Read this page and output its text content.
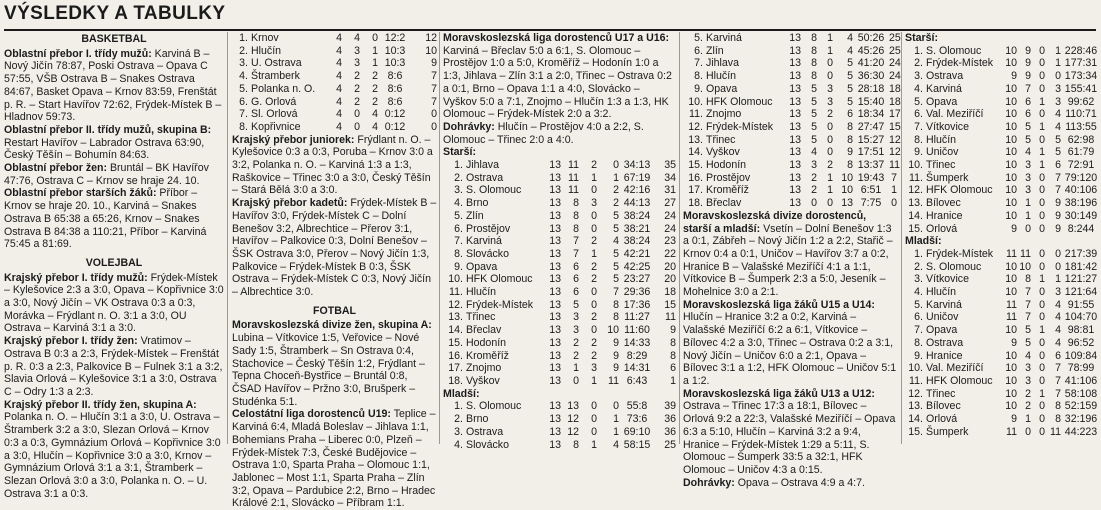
VÝSLEDKY A TABULKY
BASKETBAL

Oblastní přebor I. třídy mužů: Karviná B – Nový Jičín 78:87, Poski Ostrava – Opava C 57:55, VŠB Ostrava B – Snakes Ostrava 84:67, Basket Opava – Krnov 83:59, Frenštát p. R. – Start Havířov 72:62, Frýdek-Místek B – Hladnov 59:73.

Oblastní přebor II. třídy mužů, skupina B: Restart Havířov – Labrador Ostrava 63:90, Český Těšín – Bohumín 84:63.

Oblastní přebor žen: Bruntál – BK Havířov 47:76, Ostrava C – Krnov se hraje 24. 10.

Oblastní přebor starších žáků: Příbor – Krnov se hraje 20. 10., Karviná – Snakes Ostrava B 65:38 a 65:26, Krnov – Snakes Ostrava B 84:38 a 110:21, Příbor – Karviná 75:45 a 81:69.

VOLEJBAL

Krajský přebor I. třídy mužů: Frýdek-Místek – Kylešovice 2:3 a 3:0, Opava – Kopřivnice 3:0 a 3:0, Nový Jičín – VK Ostrava 0:3 a 0:3, Morávka – Frýdlant n. O. 3:1 a 3:0, OU Ostrava – Karviná 3:1 a 3:0.

Krajský přebor I. třídy žen: Vratimov – Ostrava B 0:3 a 2:3, Frýdek-Místek – Frenštát p. R. 0:3 a 2:3, Palkovice B – Fulnek 3:1 a 3:2, Slavia Orlová – Kylešovice 3:1 a 3:0, Ostrava C – Odry 1:3 a 2:3.

Krajský přebor II. třídy žen, skupina A: Polanka n. O. – Hlučín 3:1 a 3:0, U. Ostrava – Štramberk 3:2 a 3:0, Slezan Orlová – Krnov 0:3 a 0:3, Gymnázium Orlová – Kopřivnice 3:0 a 3:0, Hlučín – Kopřivnice 3:0 a 3:0, Krnov – Gymnázium Orlová 3:1 a 3:1, Štramberk – Slezan Orlová 3:0 a 3:0, Polanka n. O. – U. Ostrava 3:1 a 0:3.

1.	Krnov	4	4	0	12:2	12
2.	Hlučín	4	3	1	10:3	10
3.	U. Ostrava	4	3	1	10:3	9
4.	Štramberk	4	2	2	8:6	7
5.	Polanka n. O.	4	2	2	8:6	7
6.	G. Orlová	4	2	2	8:6	7
7.	Sl. Orlová	4	0	4	0:12	0
8.	Kopřivnice	4	0	4	0:12	0

Krajský přebor juniorek: Frýdlant n. O. – Kylešovice 0:3 a 0:3, Poruba – Krnov 3:0 a 3:2, Polanka n. O. – Karviná 1:3 a 1:3, Raškovice – Třinec 3:0 a 3:0, Český Těšín – Stará Bělá 3:0 a 3:0.

Krajský přebor kadetů: Frýdek-Místek B – Havířov 3:0, Frýdek-Místek C – Dolní Benešov 3:2, Albrechtice – Přerov 3:1, Havířov – Palkovice 0:3, Dolní Benešov – ŠSK Ostrava 3:0, Přerov – Nový Jičín 1:3, Palkovice – Frýdek-Místek B 0:3, ŠSK Ostrava – Frýdek-Místek C 0:3, Nový Jičín – Albrechtice 3:0.

FOTBAL

Moravskoslezská divize žen, skupina A: Lubina – Vítkovice 1:5, Veřovice – Nové Sady 1:5, Štramberk – Sn Ostrava 0:4, Stachovice – Český Těšín 1:2, Frýdlant – Tepna Choceň-Bystřice – Bruntál 0:8, ČSAD Havířov – Pržno 3:0, Brušperk – Studénka 5:1.

Celostátní liga dorostenců U19: Teplice – Karviná 6:4, Mladá Boleslav – Jihlava 1:1, Bohemians Praha – Liberec 0:0, Plzeň – Frýdek-Místek 7:3, České Budějovice – Ostrava 1:0, Sparta Praha – Olomouc 1:1, Jablonec – Most 1:1, Sparta Praha – Zlín 3:2, Opava – Pardubice 2:2, Brno – Hradec Králové 2:1, Slovácko – Příbram 1:1.

Moravskoslezská liga dorostenců U17 a U16: Karviná – Břeclav 5:0 a 6:1, S. Olomouc – Prostějov 1:0 a 5:0, Kroměříž – Hodonín 1:0 a 1:3, Jihlava – Zlín 3:1 a 2:0, Třinec – Ostrava 0:2 a 0:1, Brno – Opava 1:1 a 4:0, Slovácko – Vyškov 5:0 a 7:1, Znojmo – Hlučín 1:3 a 1:3, HK Olomouc – Frýdek-Místek 2:0 a 3:2.

Dohrávky: Hlučín – Prostějov 4:0 a 2:2, S. Olomouc – Třinec 2:0 a 4:0.

Starší:
1.	Jihlava	13	11	2	0	34:13	35
2.	Ostrava	13	11	1	1	67:19	34
3.	S. Olomouc	13	11	0	2	42:16	31
4.	Brno	13	8	3	2	44:13	27
5.	Zlín	13	8	0	5	38:24	24
6.	Prostějov	13	8	0	5	38:21	24
7.	Karviná	13	7	2	4	38:24	23
8.	Slovácko	13	7	1	5	42:21	22
9.	Opava	13	6	2	5	42:25	20
10.	HFK Olomouc	13	6	2	5	23:27	20
11.	Hlučín	13	6	0	7	29:36	18
12.	Frýdek-Místek	13	5	0	8	17:36	15
13.	Třinec	13	3	2	8	11:27	11
14.	Břeclav	13	3	0	10	11:60	9
15.	Hodonín	13	2	2	9	14:33	8
16.	Kroměříž	13	2	2	9	8:29	8
17.	Znojmo	13	1	3	9	14:31	6
18.	Vyškov	13	0	1	11	6:43	1
Mladší:
1.	S. Olomouc	13	13	0	0	55:8	39
2.	Brno	13	12	0	1	73:6	36
3.	Ostrava	13	12	0	1	69:10	36
4.	Slovácko	13	8	1	4	58:15	25
5.	Karviná	13	8	1	4	50:26	25
6.	Zlín	13	8	1	4	45:26	25
7.	Jihlava	13	8	0	5	41:20	24
8.	Hlučín	13	8	0	5	36:30	24
9.	Opava	13	5	3	5	28:18	18
10.	HFK Olomouc	13	5	3	5	15:40	18
11.	Znojmo	13	5	2	6	18:34	17
12.	Frýdek-Místek	13	5	0	8	27:47	15
13.	Třinec	13	5	0	8	15:27	12
14.	Vyškov	13	4	0	9	17:51	12
15.	Hodonín	13	3	2	8	13:37	11
16.	Prostějov	13	2	1	10	19:43	7
17.	Kroměříž	13	2	1	10	6:51	1
18.	Břeclav	13	0	0	13	7:75	0

Moravskoslezská divize dorostenců, starší a mladší: Vsetín – Dolní Benešov 1:3 a 0:1, Zábřeh – Nový Jičín 1:2 a 2:2, Stařič – Krnov 0:4 a 0:1, Uničov – Havířov 3:7 a 0:2, Hranice B – Valašské Meziříčí 4:1 a 1:1, Vítkovice B – Šumperk 2:3 a 5:0, Jeseník – Mohelnice 3:0 a 2:1.

Moravskoslezská liga žáků U15 a U14: Hlučín – Hranice 3:2 a 0:2, Karviná – Valašské Meziříčí 6:2 a 6:1, Vítkovice – Bílovec 4:2 a 3:0, Třinec – Ostrava 0:2 a 3:1, Nový Jičín – Uničov 6:0 a 2:1, Opava – Bílovec 3:1 a 1:2, HFK Olomouc – Uničov 5:1 a 1:2.

Moravskoslezská liga žáků U13 a U12: Ostrava – Třinec 17:3 a 18:1, Bílovec – Orlová 9:2 a 22:3, Valašské Meziříčí – Opava 6:3 a 5:10, Hlučín – Karviná 3:2 a 9:4, Hranice – Frýdek-Místek 1:29 a 5:11, S. Olomouc – Šumperk 33:5 a 32:1, HFK Olomouc – Uničov 4:3 a 0:15.

Dohrávky: Opava – Ostrava 4:9 a 4:7.

Starší:
1.	S. Olomouc	10	9	0	1	228:46	
2.	Frýdek-Místek	10	9	0	1	177:31	
3.	Ostrava	9	9	0	0	173:34	
4.	Karviná	10	7	0	3	155:41	
5.	Opava	10	6	1	3	99:62	
6.	Val. Meziříčí	10	6	0	4	110:71	
7.	Vítkovice	10	5	1	4	113:55	
8.	Hlučín	10	5	0	5	62:98	
9.	Uničov	10	4	1	5	61:79	
10.	Třinec	10	3	1	6	72:91	
11.	Šumperk	10	3	0	7	79:120	
12.	HFK Olomouc	10	3	0	7	40:106	
13.	Bílovec	10	1	0	9	38:196	
14.	Hranice	10	1	0	9	30:149	
15.	Orlová	9	0	0	9	8:244	
Mladší:
1.	Frýdek-Místek	11	11	0	0	217:39	
2.	S. Olomouc	10	10	0	0	181:42	
3.	Vítkovice	10	8	1	1	121:27	
4.	Hlučín	10	7	0	3	121:64	
5.	Karviná	11	7	0	4	91:55	
6.	Uničov	11	7	0	4	104:70	
7.	Opava	10	5	1	4	98:81	
8.	Ostrava	9	5	0	4	96:52	
9.	Hranice	10	4	0	6	109:84	
10.	Val. Meziříčí	10	3	0	7	78:99	
11.	HFK Olomouc	10	3	0	7	41:106	
12.	Třinec	10	2	1	7	58:108	
13.	Bílovec	10	2	0	8	52:159	
14.	Orlová	9	1	0	8	32:196	
15.	Šumperk	11	0	0	11	44:223	
